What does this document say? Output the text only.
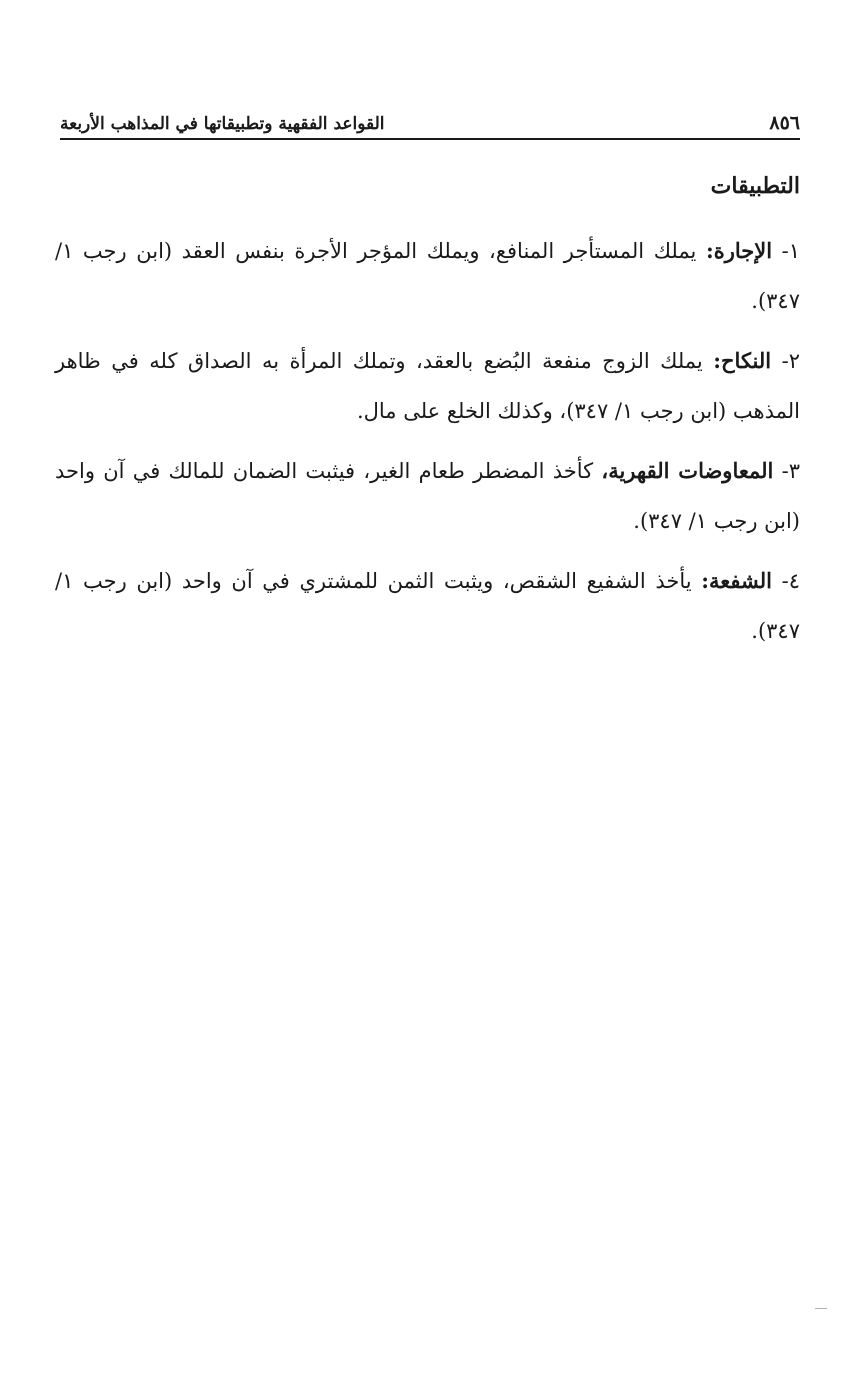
٨٥٦
القواعد الفقهية وتطبيقاتها في المذاهب الأربعة
التطبيقات

١- الإجارة: يملك المستأجر المنافع، ويملك المؤجر الأجرة بنفس العقد (ابن رجب ١/ ٣٤٧).

٢- النكاح: يملك الزوج منفعة البُضع بالعقد، وتملك المرأة به الصداق كله في ظاهر المذهب (ابن رجب ١/ ٣٤٧)، وكذلك الخلع على مال.

٣- المعاوضات القهرية، كأخذ المضطر طعام الغير، فيثبت الضمان للمالك في آن واحد (ابن رجب ١/ ٣٤٧).

٤- الشفعة: يأخذ الشفيع الشقص، ويثبت الثمن للمشتري في آن واحد (ابن رجب ١/ ٣٤٧).
